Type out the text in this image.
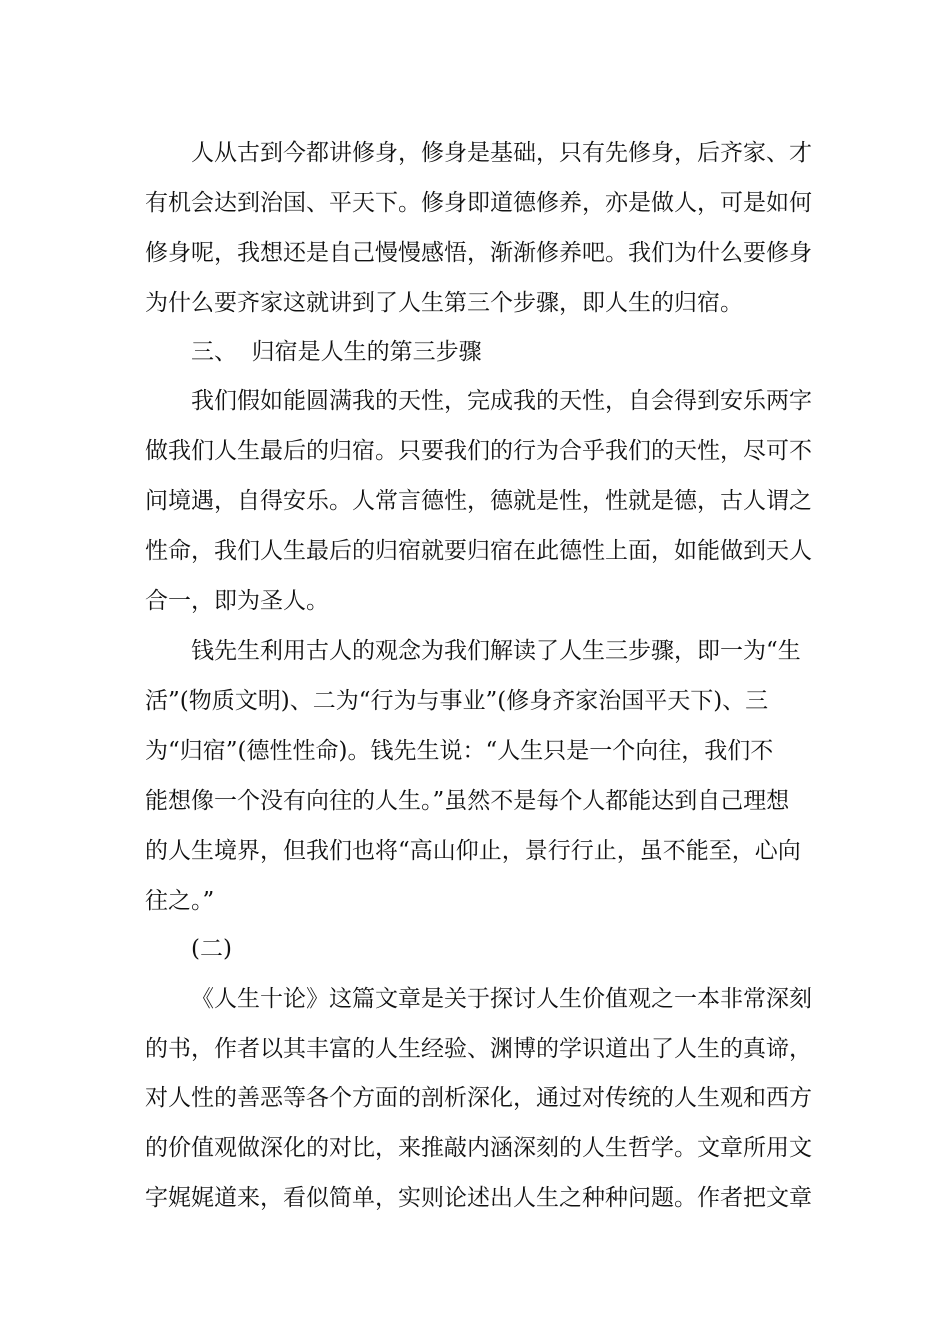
人从古到今都讲修身，修身是基础，只有先修身，后齐家、才
有机会达到治国、平天下。修身即道德修养，亦是做人，可是如何
修身呢，我想还是自己慢慢感悟，渐渐修养吧。我们为什么要修身
为什么要齐家这就讲到了人生第三个步骤，即人生的归宿。
三、  归宿是人生的第三步骤
我们假如能圆满我的天性，完成我的天性，自会得到安乐两字
做我们人生最后的归宿。只要我们的行为合乎我们的天性，尽可不
问境遇，自得安乐。人常言德性，德就是性，性就是德，古人谓之
性命，我们人生最后的归宿就要归宿在此德性上面，如能做到天人
合一，即为圣人。
钱先生利用古人的观念为我们解读了人生三步骤，即一为“生
活”(物质文明)、二为“行为与事业”(修身齐家治国平天下)、三
为“归宿”(德性性命)。钱先生说：“人生只是一个向往，我们不
能想像一个没有向往的人生。”虽然不是每个人都能达到自己理想
的人生境界，但我们也将“高山仰止，景行行止，虽不能至，心向
往之。”
(二)
《人生十论》这篇文章是关于探讨人生价值观之一本非常深刻
的书，作者以其丰富的人生经验、渊博的学识道出了人生的真谛，
对人性的善恶等各个方面的剖析深化，通过对传统的人生观和西方
的价值观做深化的对比，来推敲内涵深刻的人生哲学。文章所用文
字娓娓道来，看似简单，实则论述出人生之种种问题。作者把文章
